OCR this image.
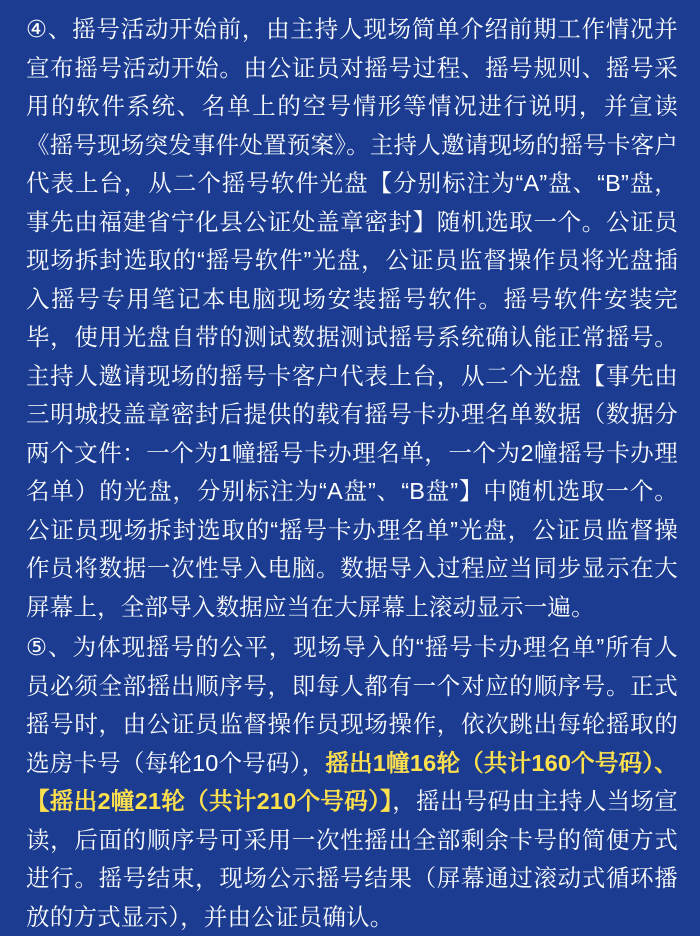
④、摇号活动开始前，由主持人现场简单介绍前期工作情况并宣布摇号活动开始。由公证员对摇号过程、摇号规则、摇号采用的软件系统、名单上的空号情形等情况进行说明，并宣读《摇号现场突发事件处置预案》。主持人邀请现场的摇号卡客户代表上台，从二个摇号软件光盘【分别标注为“A”盘、“B”盘，事先由福建省宁化县公证处盖章密封】随机选取一个。公证员现场拆封选取的“摇号软件”光盘，公证员监督操作员将光盘插入摇号专用笔记本电脑现场安装摇号软件。摇号软件安装完毕，使用光盘自带的测试数据测试摇号系统确认能正常摇号。主持人邀请现场的摇号卡客户代表上台，从二个光盘【事先由三明城投盖章密封后提供的载有摇号卡办理名单数据（数据分两个文件：一个为1幢摇号卡办理名单，一个为2幢摇号卡办理名单）的光盘，分别标注为“A盘”、“B盘”】中随机选取一个。公证员现场拆封选取的“摇号卡办理名单”光盘，公证员监督操作员将数据一次性导入电脑。数据导入过程应当同步显示在大屏幕上，全部导入数据应当在大屏幕上滚动显示一遍。

⑤、为体现摇号的公平，现场导入的“摇号卡办理名单”所有人员必须全部摇出顺序号，即每人都有一个对应的顺序号。正式摇号时，由公证员监督操作员现场操作，依次跳出每轮摇取的选房卡号（每轮10个号码），摇出1幢16轮（共计160个号码）、【摇出2幢21轮（共计210个号码）】，摇出号码由主持人当场宣读，后面的顺序号可采用一次性摇出全部剩余卡号的简便方式进行。摇号结束，现场公示摇号结果（屏幕通过滚动式循环播放的方式显示），并由公证员确认。
